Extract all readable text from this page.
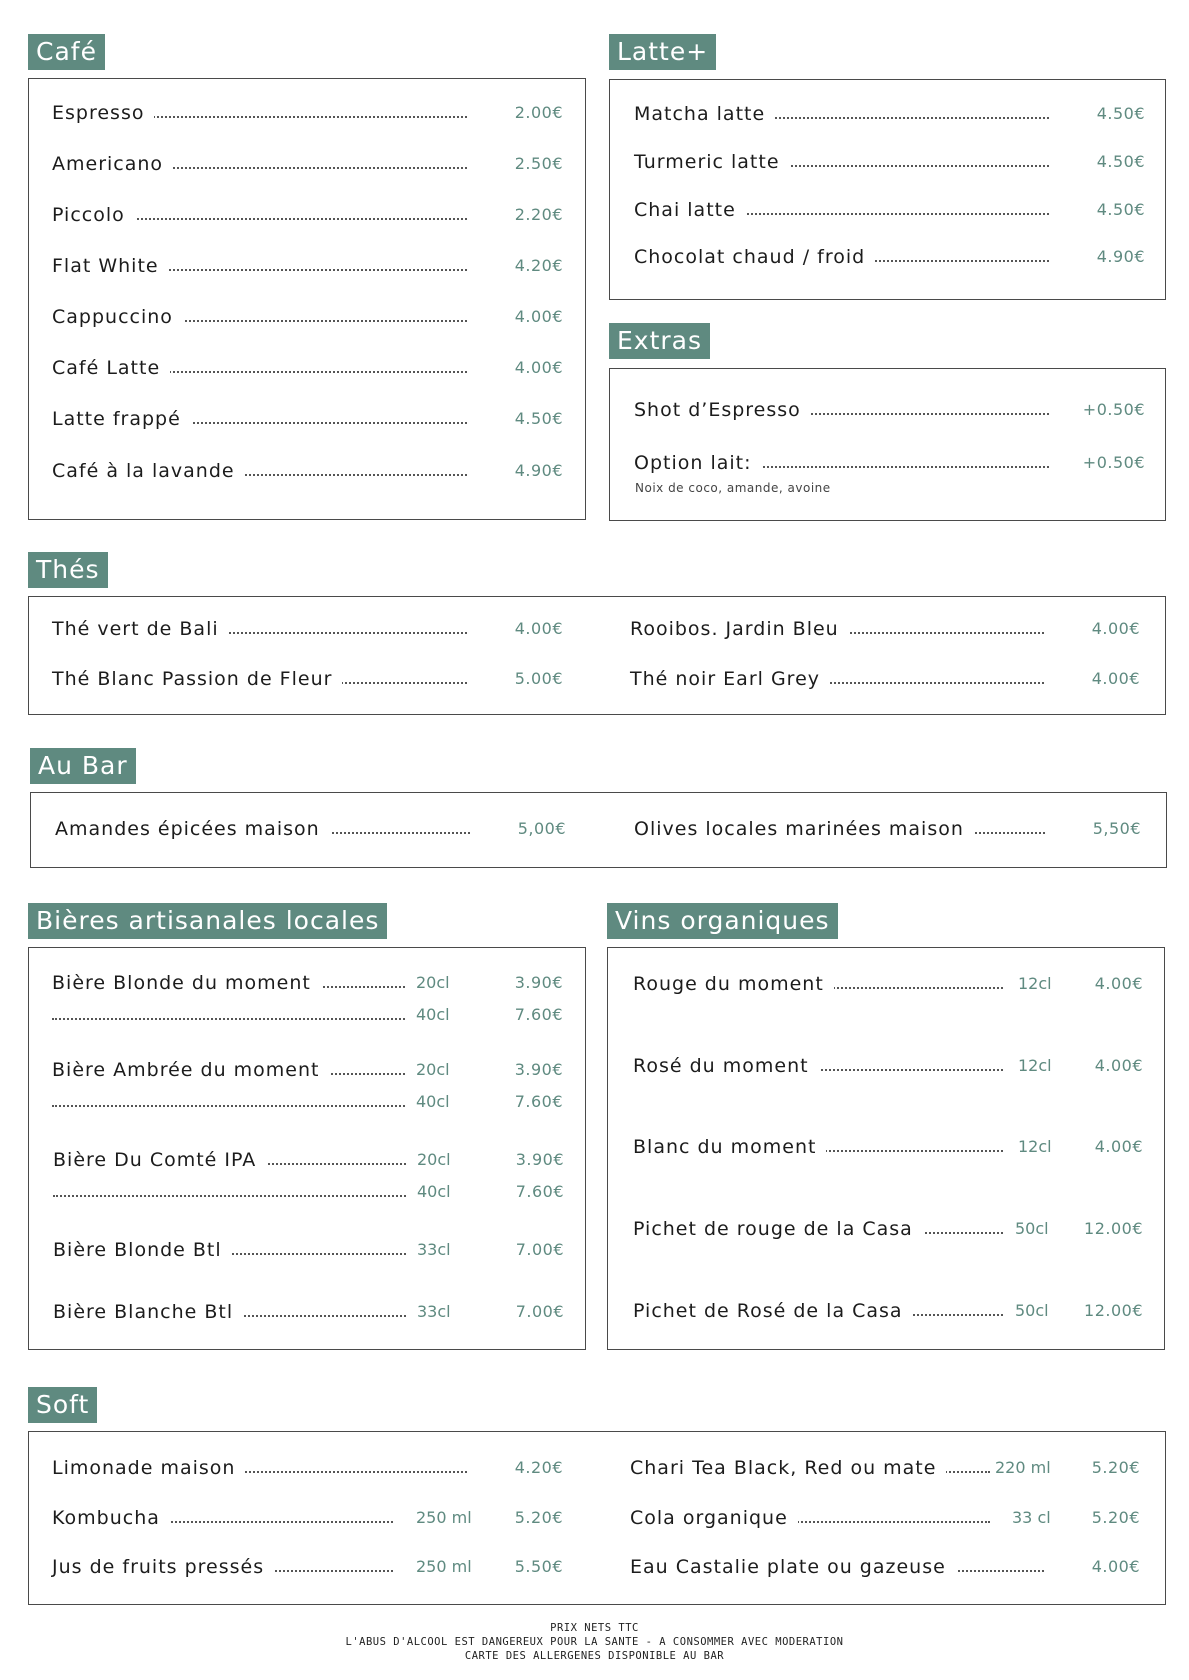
Café
Espresso	2.00€
Americano	2.50€
Piccolo	2.20€
Flat White	4.20€
Cappuccino	4.00€
Café Latte	4.00€
Latte frappé	4.50€
Café à la lavande	4.90€
Latte+
Matcha latte	4.50€
Turmeric latte	4.50€
Chai latte	4.50€
Chocolat chaud / froid	4.90€
Extras
Shot d’Espresso	+0.50€
Option lait:	+0.50€
Noix de coco, amande, avoine
Thés
Thé vert de Bali	4.00€
Thé Blanc Passion de Fleur	5.00€
Rooibos. Jardin Bleu	4.00€
Thé noir Earl Grey	4.00€
Au Bar
Amandes épicées maison	5,00€	Olives locales marinées maison	5,50€
Bières artisanales locales
Bière Blonde du moment	20cl	3.90€
40cl	7.60€
Bière Ambrée du moment	20cl	3.90€
40cl	7.60€
Bière Du Comté IPA	20cl	3.90€
40cl	7.60€
Bière Blonde Btl	33cl	7.00€
Bière Blanche Btl	33cl	7.00€
Vins organiques
Rouge du moment	12cl	4.00€
Rosé du moment	12cl	4.00€
Blanc du moment	12cl	4.00€
Pichet de rouge de la Casa	50cl 12.00€
Pichet de Rosé de la Casa	50cl 12.00€
Soft
Limonade maison	4.20€
Kombucha	250 ml	5.20€
Jus de fruits pressés	250 ml	5.50€
Chari Tea Black, Red ou mate	220 ml	5.20€
Cola organique	33 cl	5.20€
Eau Castalie plate ou gazeuse	4.00€
PRIX NETS TTC
L'ABUS D'ALCOOL EST DANGEREUX POUR LA SANTE - A CONSOMMER AVEC MODERATION
CARTE DES ALLERGENES DISPONIBLE AU BAR
